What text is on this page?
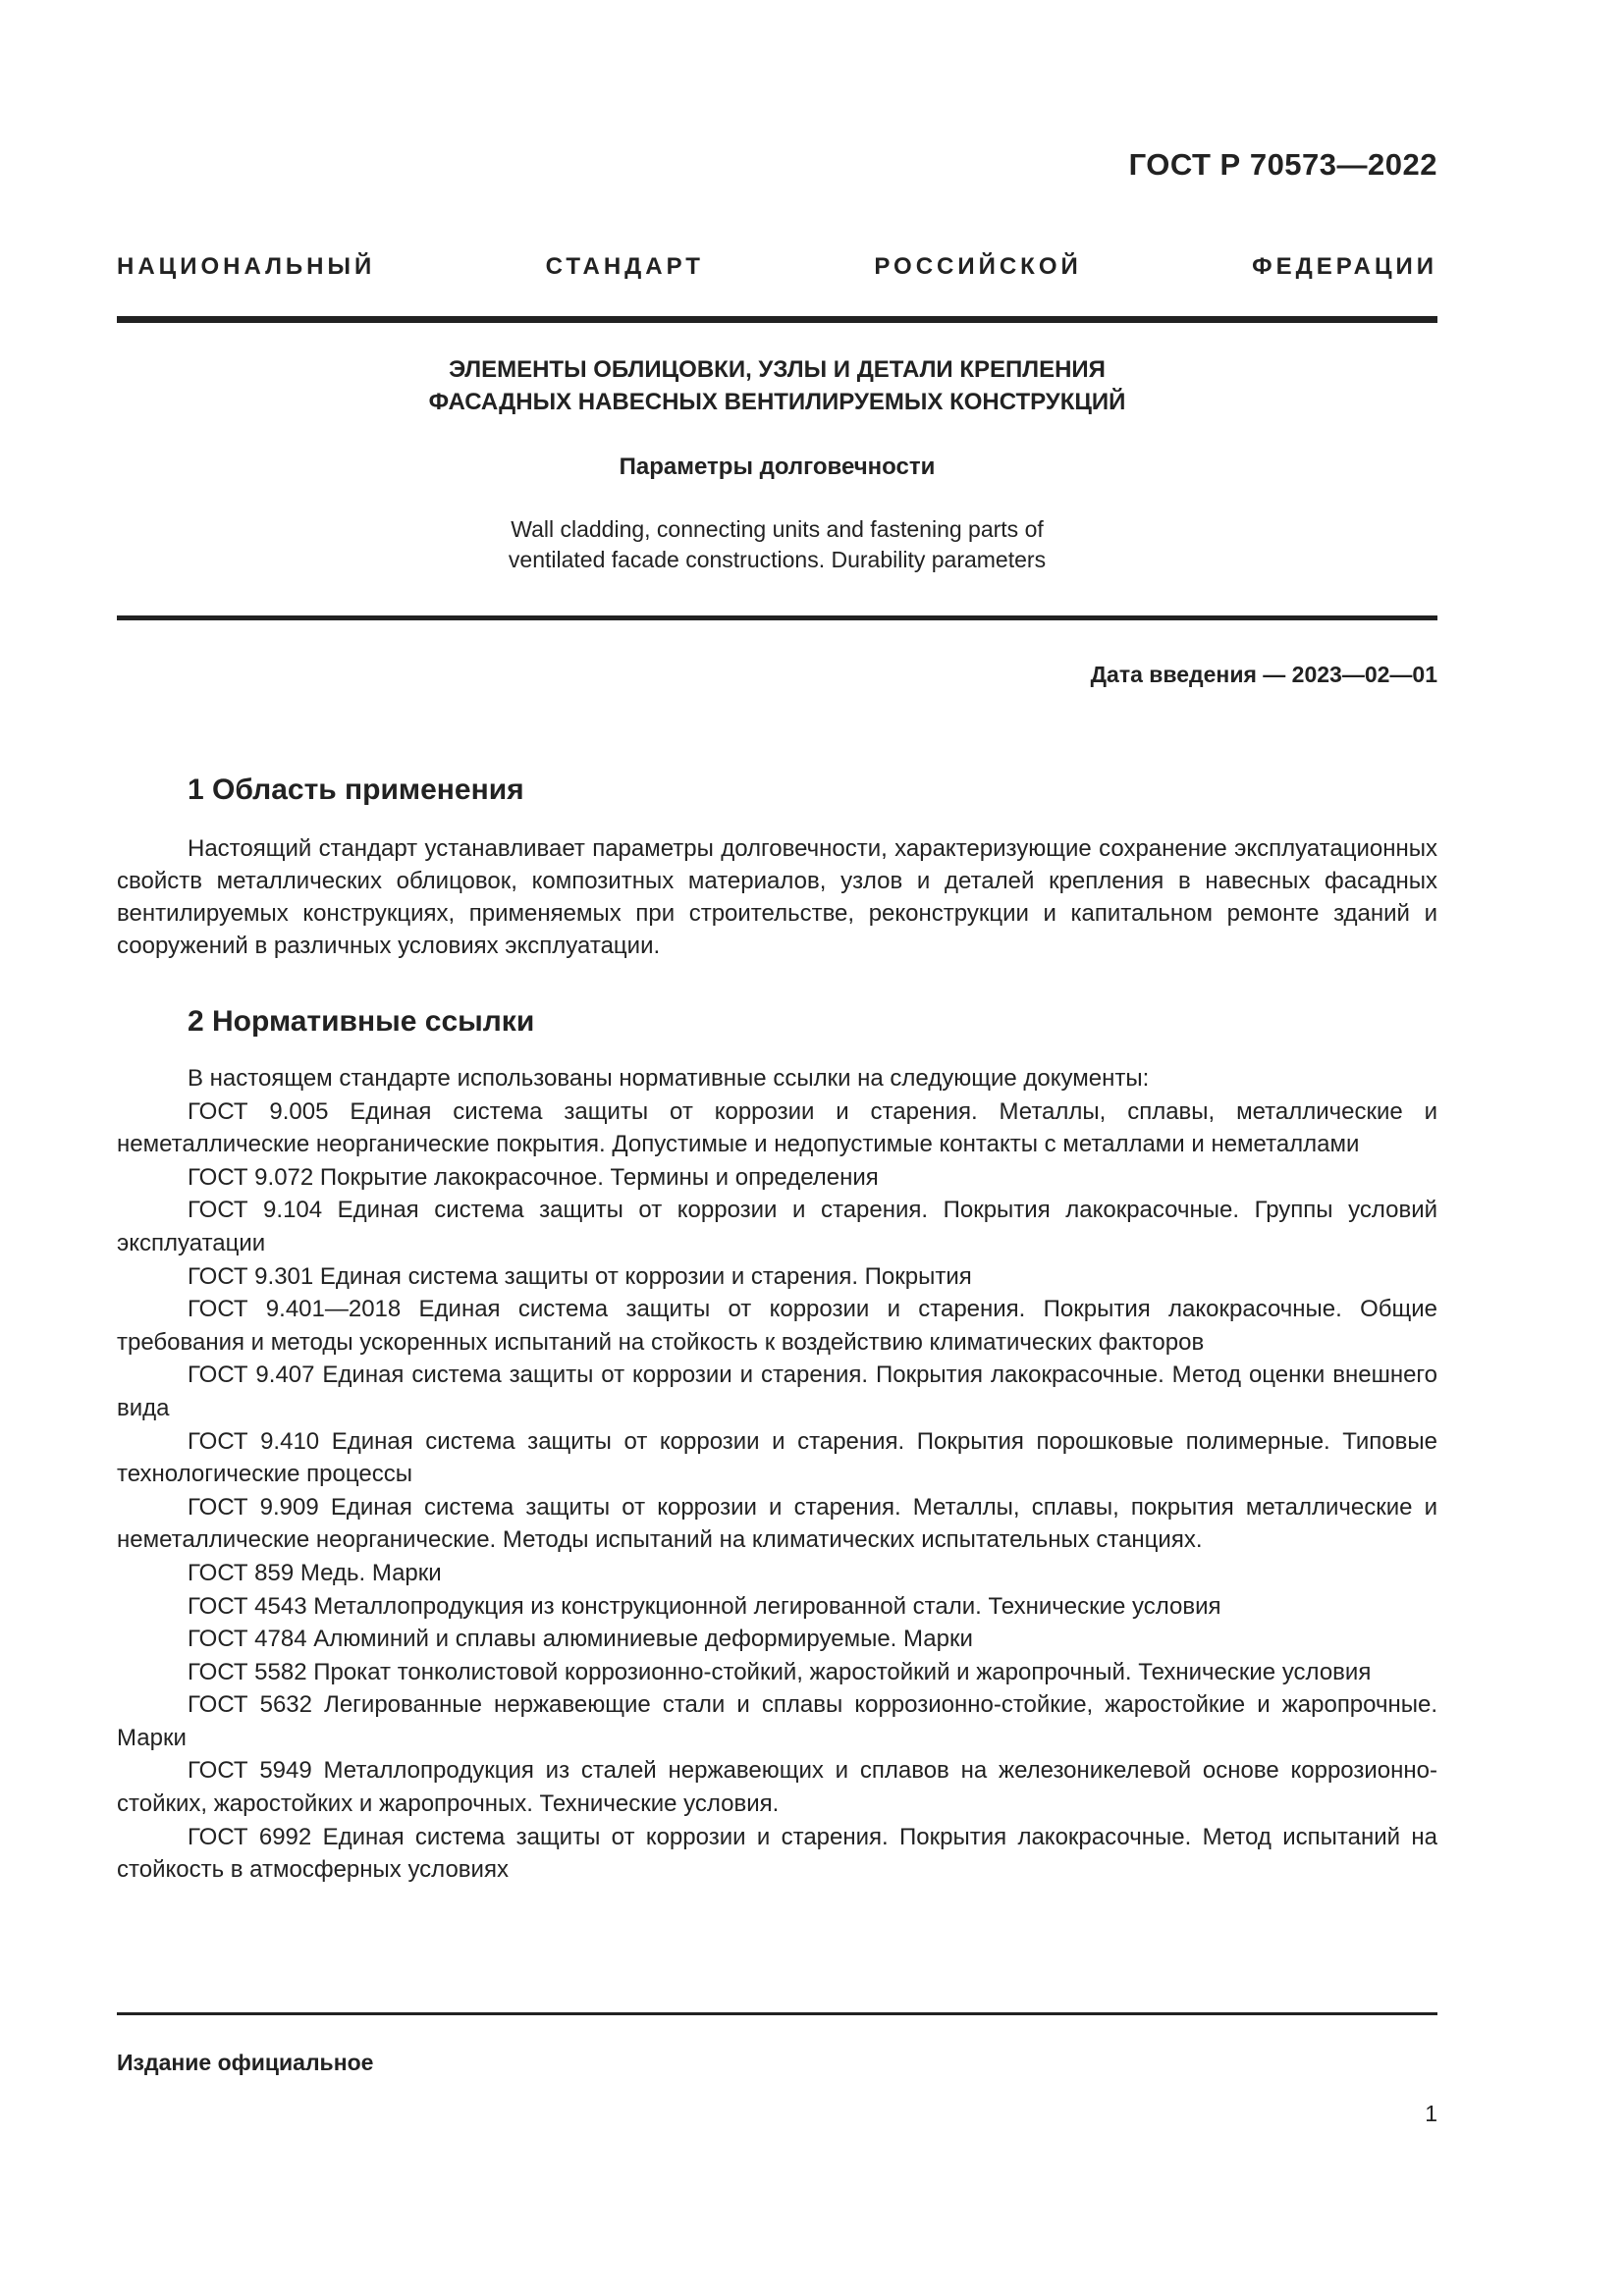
ГОСТ Р 70573—2022
НАЦИОНАЛЬНЫЙ СТАНДАРТ РОССИЙСКОЙ ФЕДЕРАЦИИ
ЭЛЕМЕНТЫ ОБЛИЦОВКИ, УЗЛЫ И ДЕТАЛИ КРЕПЛЕНИЯ
ФАСАДНЫХ НАВЕСНЫХ ВЕНТИЛИРУЕМЫХ КОНСТРУКЦИЙ
Параметры долговечности
Wall cladding, connecting units and fastening parts of
ventilated facade constructions. Durability parameters
Дата введения — 2023—02—01
1 Область применения

Настоящий стандарт устанавливает параметры долговечности, характеризующие сохранение эксплуатационных свойств металлических облицовок, композитных материалов, узлов и деталей крепления в навесных фасадных вентилируемых конструкциях, применяемых при строительстве, реконструкции и капитальном ремонте зданий и сооружений в различных условиях эксплуатации.

2 Нормативные ссылки

В настоящем стандарте использованы нормативные ссылки на следующие документы:

ГОСТ 9.005 Единая система защиты от коррозии и старения. Металлы, сплавы, металлические и неметаллические неорганические покрытия. Допустимые и недопустимые контакты с металлами и неметаллами

ГОСТ 9.072 Покрытие лакокрасочное. Термины и определения

ГОСТ 9.104 Единая система защиты от коррозии и старения. Покрытия лакокрасочные. Группы условий эксплуатации

ГОСТ 9.301 Единая система защиты от коррозии и старения. Покрытия

ГОСТ 9.401—2018 Единая система защиты от коррозии и старения. Покрытия лакокрасочные. Общие требования и методы ускоренных испытаний на стойкость к воздействию климатических факторов

ГОСТ 9.407 Единая система защиты от коррозии и старения. Покрытия лакокрасочные. Метод оценки внешнего вида

ГОСТ 9.410 Единая система защиты от коррозии и старения. Покрытия порошковые полимерные. Типовые технологические процессы

ГОСТ 9.909 Единая система защиты от коррозии и старения. Металлы, сплавы, покрытия металлические и неметаллические неорганические. Методы испытаний на климатических испытательных станциях.

ГОСТ 859 Медь. Марки

ГОСТ 4543 Металлопродукция из конструкционной легированной стали. Технические условия

ГОСТ 4784 Алюминий и сплавы алюминиевые деформируемые. Марки

ГОСТ 5582 Прокат тонколистовой коррозионно-стойкий, жаростойкий и жаропрочный. Технические условия

ГОСТ 5632 Легированные нержавеющие стали и сплавы коррозионно-стойкие, жаростойкие и жаропрочные. Марки

ГОСТ 5949 Металлопродукция из сталей нержавеющих и сплавов на железоникелевой основе коррозионно-стойких, жаростойких и жаропрочных. Технические условия.

ГОСТ 6992 Единая система защиты от коррозии и старения. Покрытия лакокрасочные. Метод испытаний на стойкость в атмосферных условиях

Издание официальное
1
